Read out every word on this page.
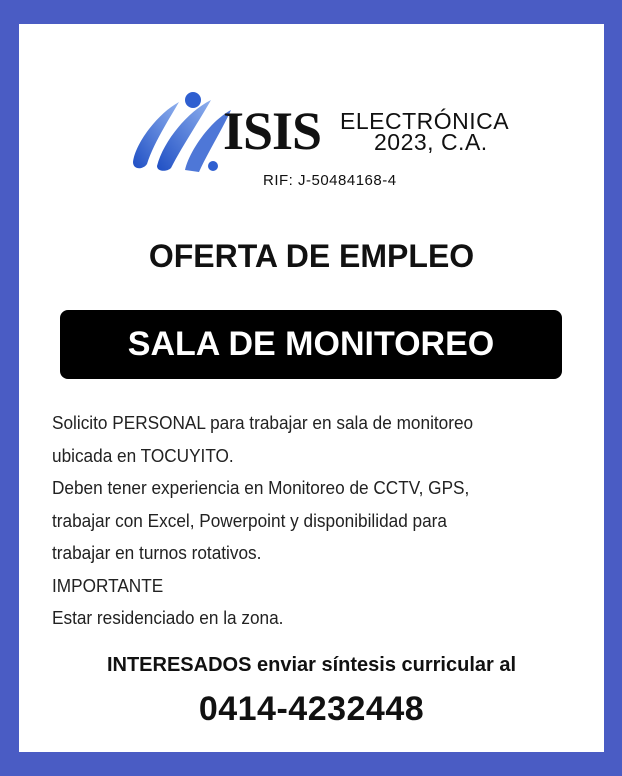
ISIS ELECTRÓNICA
2023, C.A.
RIF: J-50484168-4
OFERTA DE EMPLEO
SALA DE MONITOREO
Solicito PERSONAL para trabajar en sala de monitoreo
ubicada en TOCUYITO.
Deben tener experiencia en Monitoreo de CCTV, GPS,
trabajar con Excel, Powerpoint y disponibilidad para
trabajar en turnos rotativos.
IMPORTANTE
Estar residenciado en la zona.
INTERESADOS enviar síntesis curricular al
0414-4232448
